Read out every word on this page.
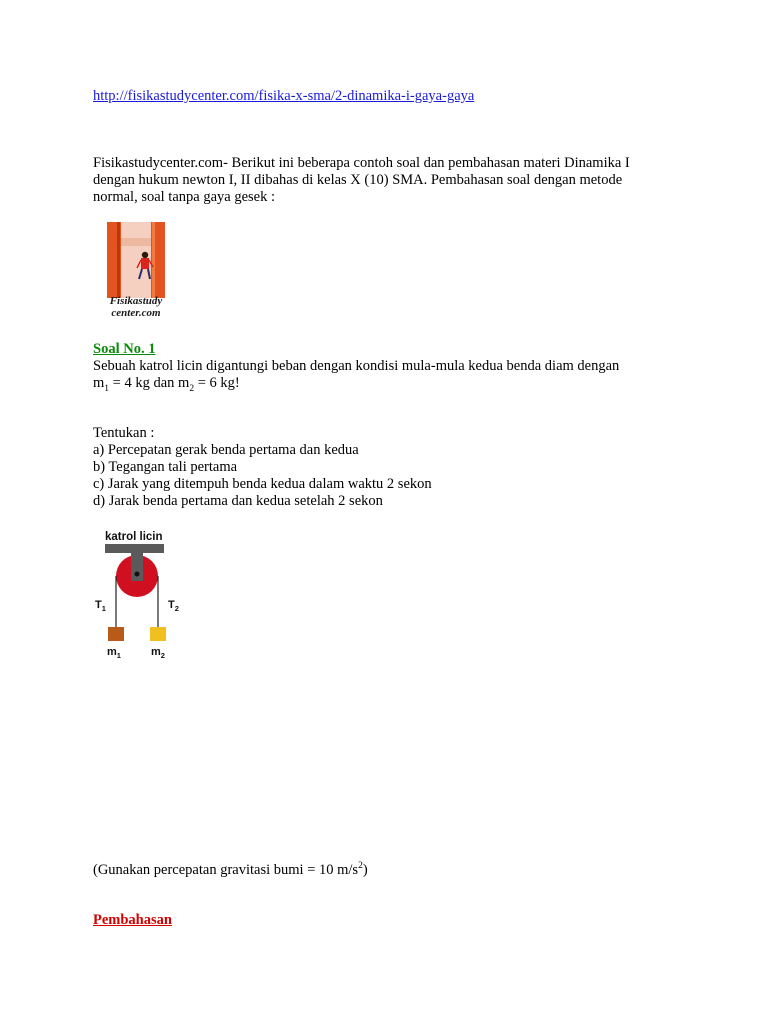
http://fisikastudycenter.com/fisika-x-sma/2-dinamika-i-gaya-gaya
Fisikastudycenter.com- Berikut ini beberapa contoh soal dan pembahasan materi Dinamika I
dengan hukum newton I, II dibahas di kelas X (10) SMA. Pembahasan soal dengan metode
normal, soal tanpa gaya gesek :
Fisikastudy
center.com
Soal No. 1
Sebuah katrol licin digantungi beban dengan kondisi mula-mula kedua benda diam dengan
$m_1 = 4$ kg dan $m_2 = 6$ kg!
Tentukan :
a) Percepatan gerak benda pertama dan kedua
b) Tegangan tali pertama
c) Jarak yang ditempuh benda kedua dalam waktu 2 sekon
d) Jarak benda pertama dan kedua setelah 2 sekon
katrol licin
$T_1$	$T_2$
$m_1$	$m_2$
(Gunakan percepatan gravitasi bumi = 10 $m/s^2$)
Pembahasan
